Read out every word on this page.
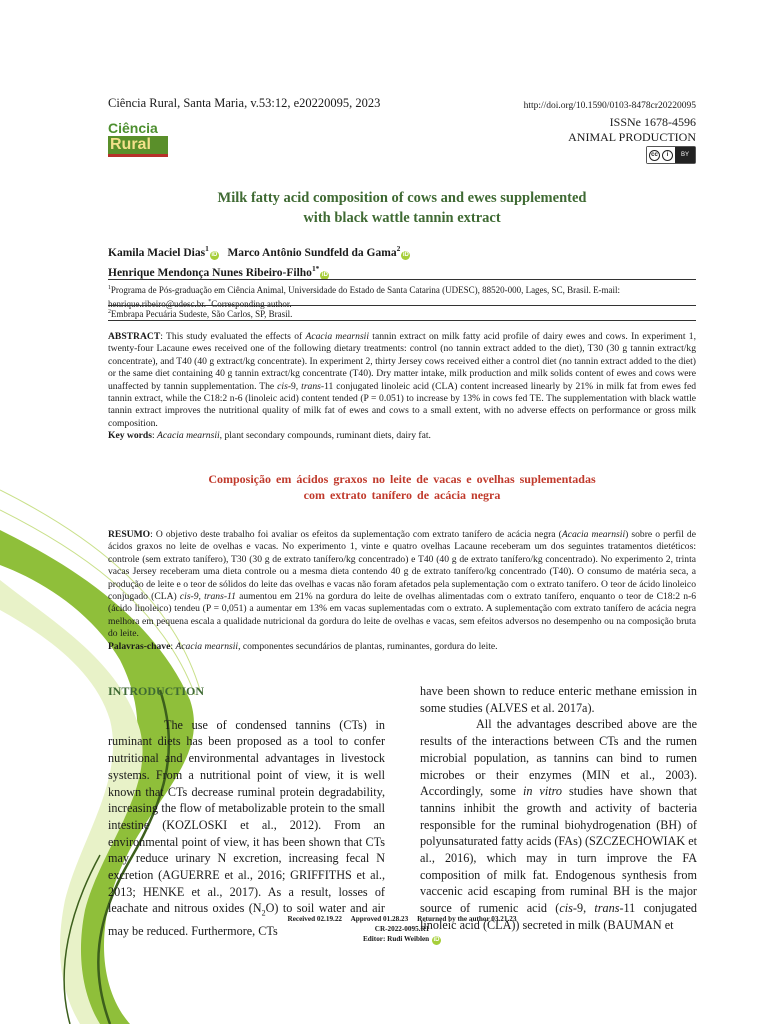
Ciência Rural, Santa Maria, v.53:12, e20220095, 2023	http://doi.org/10.1590/0103-8478cr20220095
ISSNe 1678-4596
ANIMAL PRODUCTION
cc	i	BY
Ciência
Rural
Milk fatty acid composition of cows and ewes supplemented
with black wattle tannin extract
Kamila Maciel Dias$^1$iD Marco Antônio Sundfeld da Gama$^2$iD
Henrique Mendonça Nunes Ribeiro-Filho$^{1*}$iD
$^1$Programa de Pós-graduação em Ciência Animal, Universidade do Estado de Santa Catarina (UDESC), 88520-000, Lages, SC, Brasil. E-mail: henrique.ribeiro@udesc.br. *Corresponding author.
$^2$Embrapa Pecuária Sudeste, São Carlos, SP, Brasil.
ABSTRACT: This study evaluated the effects of Acacia mearnsii tannin extract on milk fatty acid profile of dairy ewes and cows. In experiment 1, twenty-four Lacaune ewes received one of the following dietary treatments: control (no tannin extract added to the diet), T30 (30 g tannin extract/kg concentrate), and T40 (40 g extract/kg concentrate). In experiment 2, thirty Jersey cows received either a control diet (no tannin extract added to the diet) or the same diet containing 40 g tannin extract/kg concentrate (T40). Dry matter intake, milk production and milk solids content of ewes and cows were unaffected by tannin supplementation. The cis-9, trans-11 conjugated linoleic acid (CLA) content increased linearly by 21% in milk fat from ewes fed tannin extract, while the C18:2 n-6 (linoleic acid) content tended (P = 0.051) to increase by 13% in cows fed TE. The supplementation with black wattle tannin extract improves the nutritional quality of milk fat of ewes and cows to a small extent, with no adverse effects on performance or gross milk composition.
Key words: Acacia mearnsii, plant secondary compounds, ruminant diets, dairy fat.
Composição em ácidos graxos no leite de vacas e ovelhas suplementadas
com extrato tanífero de acácia negra
RESUMO: O objetivo deste trabalho foi avaliar os efeitos da suplementação com extrato tanífero de acácia negra (Acacia mearnsii) sobre o perfil de ácidos graxos no leite de ovelhas e vacas. No experimento 1, vinte e quatro ovelhas Lacaune receberam um dos seguintes tratamentos dietéticos: controle (sem extrato tanífero), T30 (30 g de extrato tanífero/kg concentrado) e T40 (40 g de extrato tanífero/kg concentrado). No experimento 2, trinta vacas Jersey receberam uma dieta controle ou a mesma dieta contendo 40 g de extrato tanífero/kg concentrado (T40). O consumo de matéria seca, a produção de leite e o teor de sólidos do leite das ovelhas e vacas não foram afetados pela suplementação com o extrato tanífero. O teor de ácido linoleico conjugado (CLA) cis-9, trans-11 aumentou em 21% na gordura do leite de ovelhas alimentadas com o extrato tanífero, enquanto o teor de C18:2 n-6 (ácido linoleico) tendeu (P = 0,051) a aumentar em 13% em vacas suplementadas com o extrato. A suplementação com extrato tanífero de acácia negra melhora em pequena escala a qualidade nutricional da gordura do leite de ovelhas e vacas, sem efeitos adversos no desempenho ou na composição bruta do leite.
Palavras-chave: Acacia mearnsii, componentes secundários de plantas, ruminantes, gordura do leite.
INTRODUCTION

The use of condensed tannins (CTs) in ruminant diets has been proposed as a tool to confer nutritional and environmental advantages in livestock systems. From a nutritional point of view, it is well known that CTs decrease ruminal protein degradability, increasing the flow of metabolizable protein to the small intestine (KOZLOSKI et al., 2012). From an environmental point of view, it has been shown that CTs may reduce urinary N excretion, increasing fecal N excretion (AGUERRE et al., 2016; GRIFFITHS et al., 2013; HENKE et al., 2017). As a result, losses of leachate and nitrous oxides $(N_2O)$ to soil water and air may be reduced. Furthermore, CTs

have been shown to reduce enteric methane emission in some studies (ALVES et al. 2017a).

All the advantages described above are the results of the interactions between CTs and the rumen microbial population, as tannins can bind to rumen microbes or their enzymes (MIN et al., 2003). Accordingly, some in vitro studies have shown that tannins inhibit the growth and activity of bacteria responsible for the ruminal biohydrogenation (BH) of polyunsaturated fatty acids (FAs) (SZCZECHOWIAK et al., 2016), which may in turn improve the FA composition of milk fat. Endogenous synthesis from vaccenic acid escaping from ruminal BH is the major source of rumenic acid (cis-9, trans-11 conjugated linoleic acid (CLA)) secreted in milk (BAUMAN et

Received 02.19.22     Approved 01.28.23     Returned by the author 03.21.23
CR-2022-0095.R1
Editor: Rudi Weiblen iD
